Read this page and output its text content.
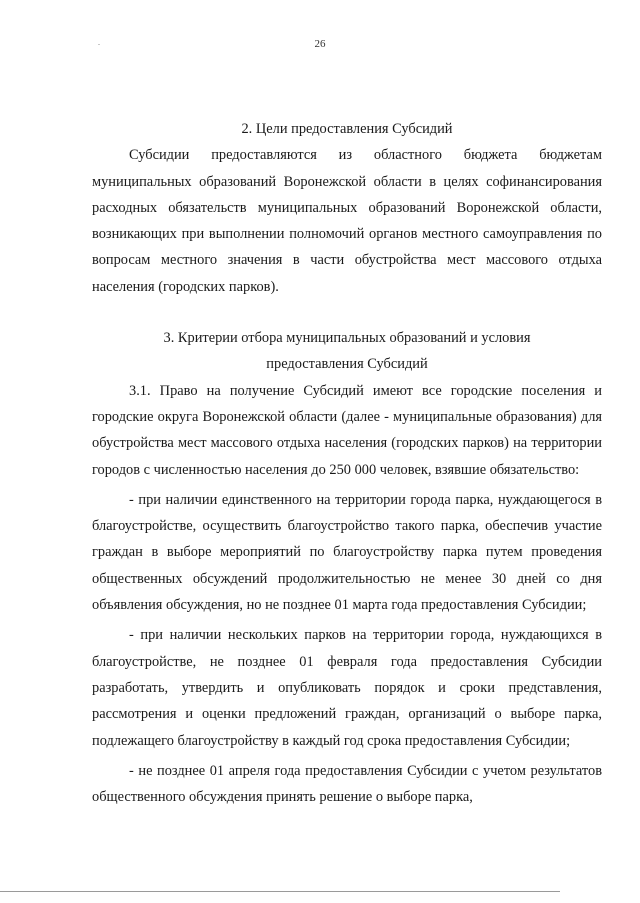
26
2. Цели предоставления Субсидий

Субсидии предоставляются из областного бюджета бюджетам муниципальных образований Воронежской области в целях софинансирования расходных обязательств муниципальных образований Воронежской области, возникающих при выполнении полномочий органов местного самоуправления по вопросам местного значения в части обустройства мест массового отдыха населения (городских парков).

3. Критерии отбора муниципальных образований и условия
предоставления Субсидий

3.1. Право на получение Субсидий имеют все городские поселения и городские округа Воронежской области (далее - муниципальные образования) для обустройства мест массового отдыха населения (городских парков) на территории городов с численностью населения до 250 000 человек, взявшие обязательство:

- при наличии единственного на территории города парка, нуждающегося в благоустройстве, осуществить благоустройство такого парка, обеспечив участие граждан в выборе мероприятий по благоустройству парка путем проведения общественных обсуждений продолжительностью не менее 30 дней со дня объявления обсуждения, но не позднее 01 марта года предоставления Субсидии;

- при наличии нескольких парков на территории города, нуждающихся в благоустройстве, не позднее 01 февраля года предоставления Субсидии разработать, утвердить и опубликовать порядок и сроки представления, рассмотрения и оценки предложений граждан, организаций о выборе парка, подлежащего благоустройству в каждый год срока предоставления Субсидии;

- не позднее 01 апреля года предоставления Субсидии с учетом результатов общественного обсуждения принять решение о выборе парка,
